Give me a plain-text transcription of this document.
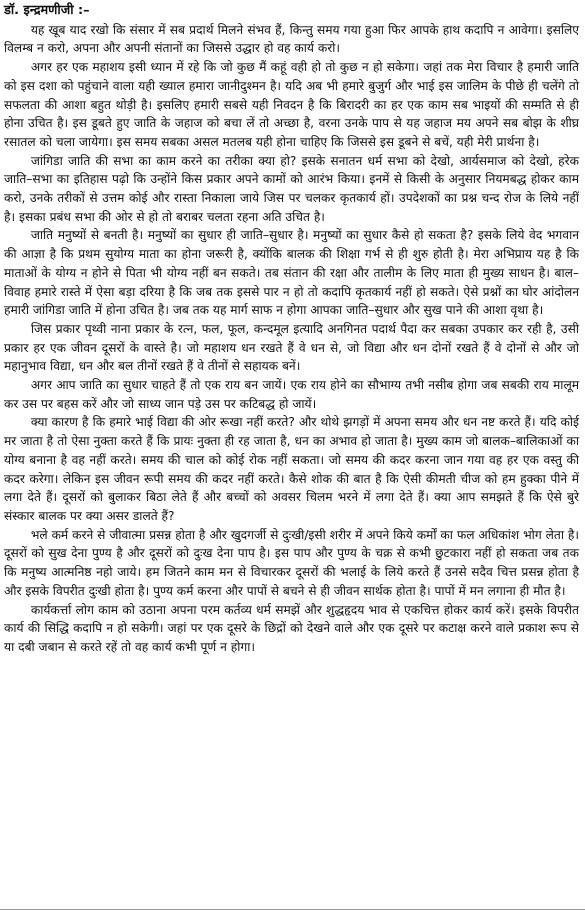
डॉ. इन्द्रमणीजी :–

यह खूब याद रखो कि संसार में सब प्रदार्थ मिलने संभव हैं, किन्तु समय गया हुआ फिर आपके हाथ कदापि न आवेगा। इसलिए विलम्ब न करो, अपना और अपनी संतानों का जिससे उद्धार हो वह कार्य करो।

अगर हर एक महाशय इसी ध्यान में रहे कि जो कुछ मैं कहूं वही हो तो कुछ न हो सकेगा। जहां तक मेरा विचार है हमारी जाति को इस दशा को पहुंचाने वाला यही ख्याल हमारा जानीदुश्मन है। यदि अब भी हमारे बुजुर्ग और भाई इस जालिम के पीछे ही चलेंगे तो सफलता की आशा बहुत थोड़ी है। इसलिए हमारी सबसे यही निवदन है कि बिरादरी का हर एक काम सब भाइयों की सम्मति से ही होना उचित है। इस डूबते हुए जाति के जहाज को बचा लें तो अच्छा है, वरना उनके पाप से यह जहाज मय अपने सब बोझ के शीघ्र रसातल को चला जायेगा। इस समय सबका असल मतलब यही होना चाहिए कि जिससे इस डूबने से बचें, यही मेरी प्रार्थना है।

जांगिडा जाति की सभा का काम करने का तरीका क्या हो? इसके सनातन धर्म सभा को देखो, आर्यसमाज को देखो, हरेक जाति–सभा का इतिहास पढ़ो कि उन्होंने किस प्रकार अपने कामों को आरंभ किया। इनमें से किसी के अनुसार नियमबद्ध होकर काम करो, उनके तरीकों से उत्तम कोई और रास्ता निकाला जाये जिस पर चलकर कृतकार्य हों। उपदेशकों का प्रश्न चन्द रोज के लिये नहीं है। इसका प्रबंध सभा की ओर से हो तो बराबर चलता रहना अति उचित है।

जाति मनुष्यों से बनती है। मनुष्यों का सुधार ही जाति–सुधार है। मनुष्यों का सुधार कैसे हो सकता है? इसके लिये वेद भगवान की आज्ञा है कि प्रथम सुयोग्य माता का होना जरूरी है, क्योंकि बालक की शिक्षा गर्भ से ही शुरु होती है। मेरा अभिप्राय यह है कि माताओं के योग्य न होने से पिता भी योग्य नहीं बन सकते। तब संतान की रक्षा और तालीम के लिए माता ही मुख्य साधन है। बाल–विवाह हमारे रास्ते में ऐसा बड़ा दरिया है कि जब तक इससे पार न हो तो कदापि कृतकार्य नहीं हो सकते। ऐसे प्रश्नों का घोर आंदोलन हमारी जांगिडा जाति में होना उचित है। जब तक यह मार्ग साफ न होगा आपका जाति–सुधार और सुख पाने की आशा वृथा है।

जिस प्रकार पृथ्वी नाना प्रकार के रत्न, फल, फूल, कन्दमूल इत्यादि अनगिनत पदार्थ पैदा कर सबका उपकार कर रही है, उसी प्रकार हर एक जीवन दूसरों के वास्ते है। जो महाशय धन रखते हैं वे धन से, जो विद्या और धन दोनों रखते हैं वे दोनों से और जो महानुभाव विद्या, धन और बल तीनों रखते हैं वे तीनों से सहायक बनें।

अगर आप जाति का सुधार चाहते हैं तो एक राय बन जायें। एक राय होने का सौभाग्य तभी नसीब होगा जब सबकी राय मालूम कर उस पर बहस करें और जो साध्य जान पड़े उस पर कटिबद्ध हो जायें।

क्या कारण है कि हमारे भाई विद्या की ओर रूखा नहीं करते? और थोथे झगड़ों में अपना समय और धन नष्ट करते हैं। यदि कोई मर जाता है तो ऐसा नुक्ता करते हैं कि प्रायः नुक्ता ही रह जाता है, धन का अभाव हो जाता है। मुख्य काम जो बालक–बालिकाओं का योग्य बनाना है वह नहीं करते। समय की चाल को कोई रोक नहीं सकता। जो समय की कदर करना जान गया वह हर एक वस्तु की कदर करेगा। लेकिन इस जीवन रूपी समय की कदर नहीं करते। कैसे शोक की बात है कि ऐसी कीमती चीज को हम हुक्का पीने में लगा देते हैं। दूसरों को बुलाकर बिठा लेते हैं और बच्चों को अवसर चिलम भरने में लगा देते हैं। क्या आप समझते हैं कि ऐसे बुरे संस्कार बालक पर क्या असर डालते हैं?

भले कर्म करने से जीवात्मा प्रसन्न होता है और खुदगर्जी से दुःखी/इसी शरीर में अपने किये कर्मों का फल अधिकांश भोग लेता है। दूसरों को सुख देना पुण्य है और दूसरों को दुःख देना पाप है। इस पाप और पुण्य के चक्र से कभी छुटकारा नहीं हो सकता जब तक कि मनुष्य आत्मनिष्ठ नहो जाये। हम जितने काम मन से विचारकर दूसरों की भलाई के लिये करते हैं उनसे सदैव चित्त प्रसन्न होता है और इसके विपरीत दुःखी होता है। पुण्य कर्म करना और पापों से बचने से ही जीवन सार्थक होता है। पापों में मन लगाना ही मौत है।

कार्यकर्त्ता लोग काम को उठाना अपना परम कर्तव्य धर्म समझें और शुद्धहृदय भाव से एकचित्त होकर कार्य करें। इसके विपरीत कार्य की सिद्धि कदापि न हो सकेगी। जहां पर एक दूसरे के छिद्रों को देखने वाले और एक दूसरे पर कटाक्ष करने वाले प्रकाश रूप से या दबी जबान से करते रहें तो वह कार्य कभी पूर्ण न होगा।
